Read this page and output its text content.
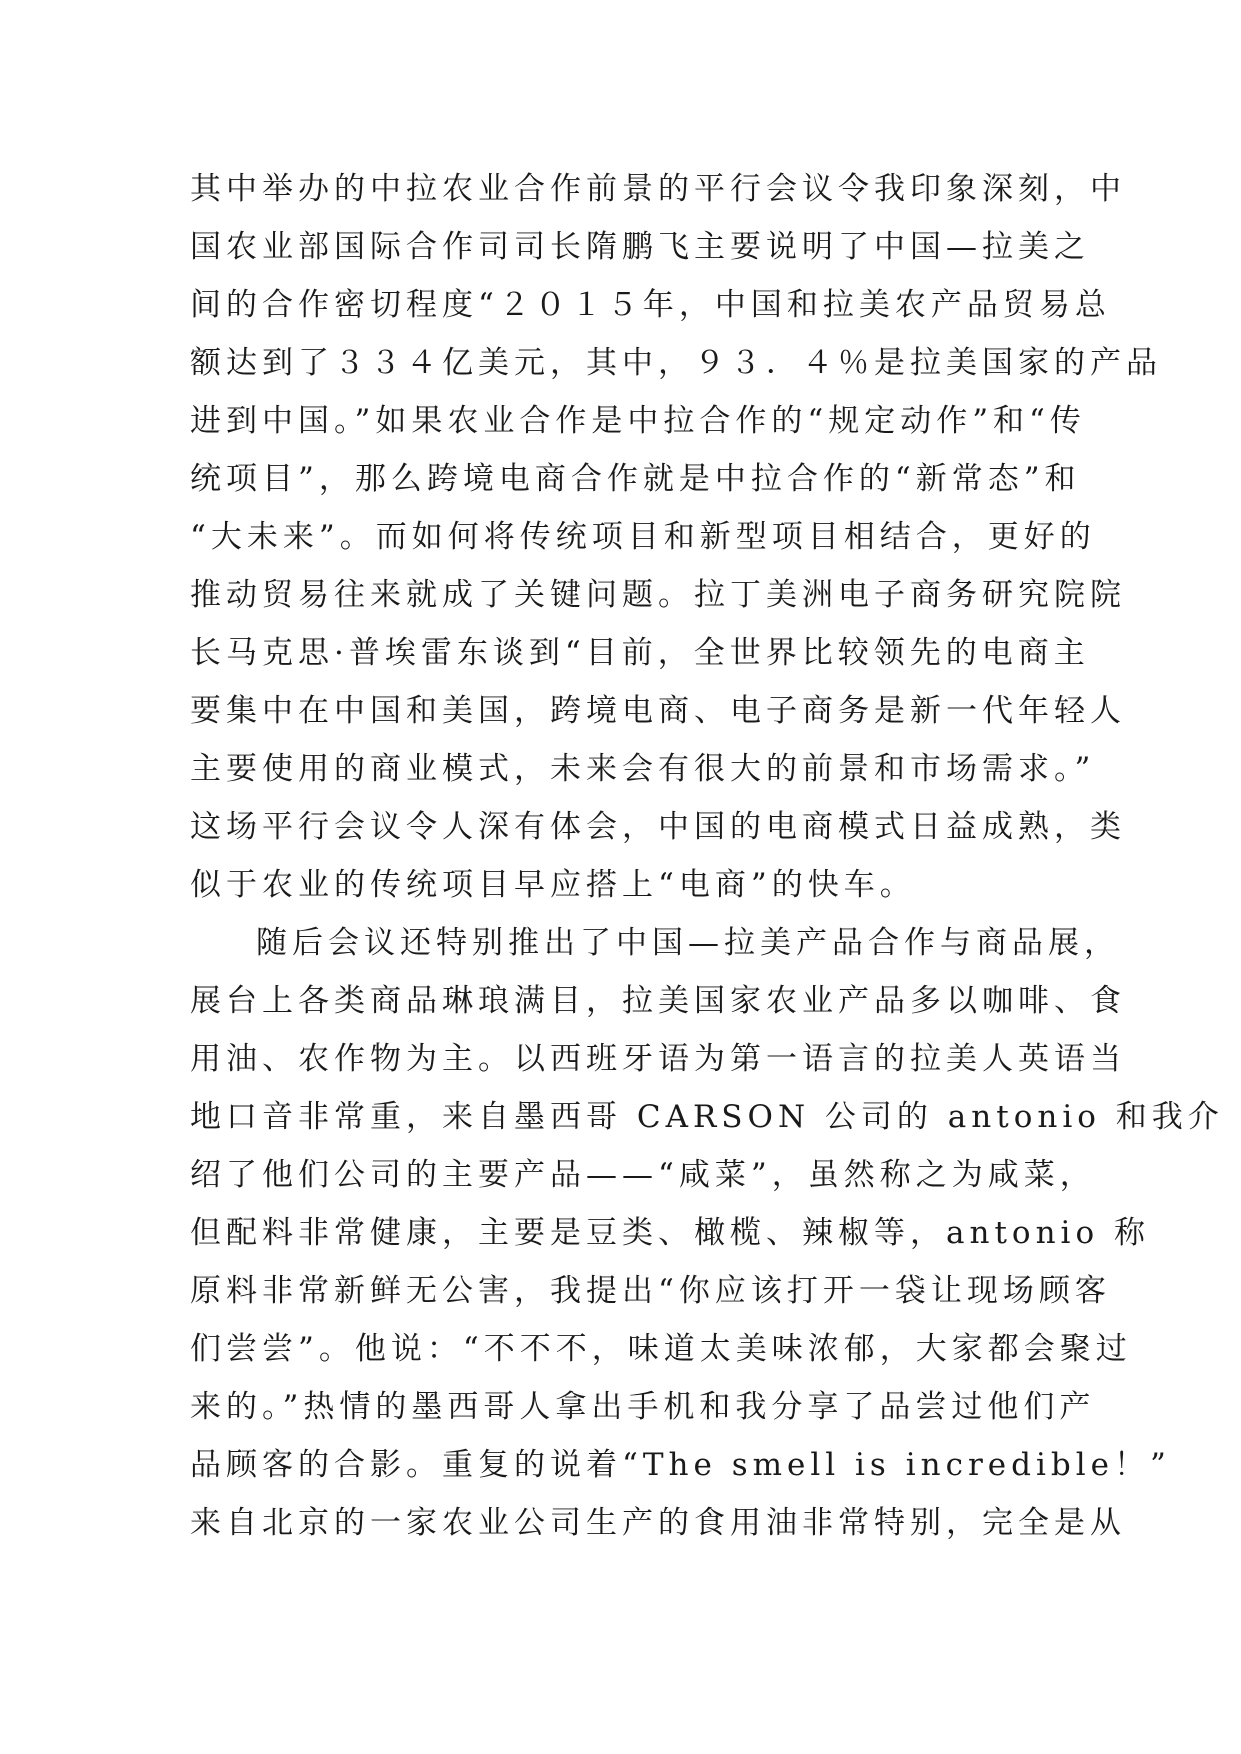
其中举办的中拉农业合作前景的平行会议令我印象深刻，中
国农业部国际合作司司长隋鹏飞主要说明了中国—拉美之
间的合作密切程度“２０１５年，中国和拉美农产品贸易总
额达到了３３４亿美元，其中，９３．４％是拉美国家的产品
进到中国。”如果农业合作是中拉合作的“规定动作”和“传
统项目”，那么跨境电商合作就是中拉合作的“新常态”和
“大未来”。而如何将传统项目和新型项目相结合，更好的
推动贸易往来就成了关键问题。拉丁美洲电子商务研究院院
长马克思·普埃雷东谈到“目前，全世界比较领先的电商主
要集中在中国和美国，跨境电商、电子商务是新一代年轻人
主要使用的商业模式，未来会有很大的前景和市场需求。”
这场平行会议令人深有体会，中国的电商模式日益成熟，类
似于农业的传统项目早应搭上“电商”的快车。
随后会议还特别推出了中国—拉美产品合作与商品展，
展台上各类商品琳琅满目，拉美国家农业产品多以咖啡、食
用油、农作物为主。以西班牙语为第一语言的拉美人英语当
地口音非常重，来自墨西哥 CARSON 公司的 antonio 和我介
绍了他们公司的主要产品——“咸菜”，虽然称之为咸菜，
但配料非常健康，主要是豆类、橄榄、辣椒等，antonio 称
原料非常新鲜无公害，我提出“你应该打开一袋让现场顾客
们尝尝”。他说：“不不不，味道太美味浓郁，大家都会聚过
来的。”热情的墨西哥人拿出手机和我分享了品尝过他们产
品顾客的合影。重复的说着“The smell is incredible！”
来自北京的一家农业公司生产的食用油非常特别，完全是从
